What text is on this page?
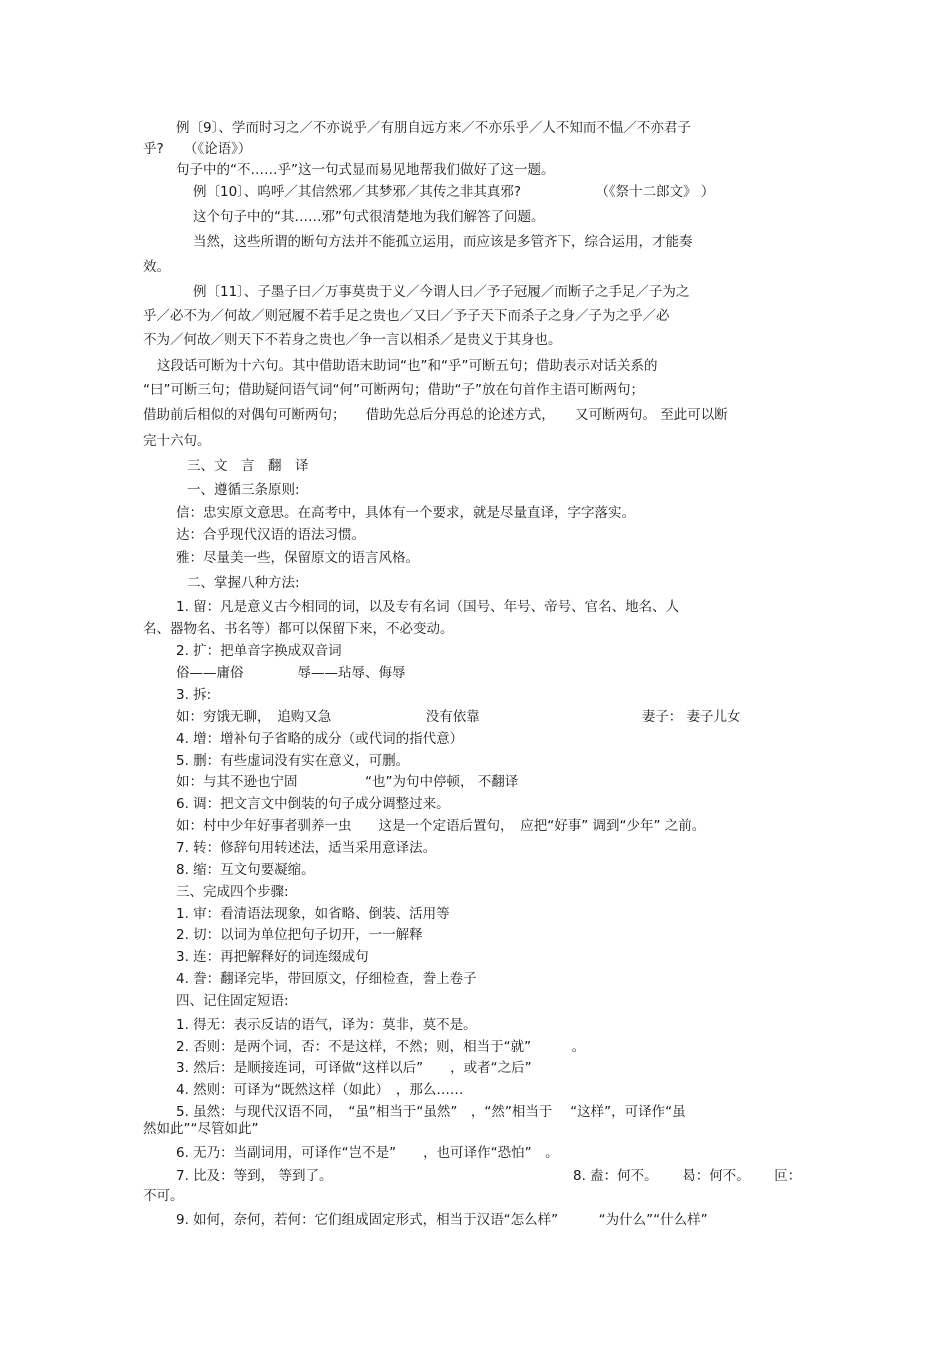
例〔9〕、学而时习之／不亦说乎／有朋自远方来／不亦乐乎／人不知而不愠／不亦君子
乎?　　（《论语》）
句子中的“不……乎”这一句式显而易见地帮我们做好了这一题。
例〔10〕、呜呼／其信然邪／其梦邪／其传之非其真邪?　　　　　　（《祭十二郎文》 ）
这个句子中的“其……邪”句式很清楚地为我们解答了问题。
当然，这些所谓的断句方法并不能孤立运用，而应该是多管齐下，综合运用，才能奏
效。
例〔11〕、子墨子曰／万事莫贵于义／今谓人曰／予子冠履／而断子之手足／子为之
乎／必不为／何故／则冠履不若手足之贵也／又曰／予子天下而杀子之身／子为之乎／必
不为／何故／则天下不若身之贵也／争一言以相杀／是贵义于其身也。
这段话可断为十六句。其中借助语末助词“也”和“乎”可断五句；借助表示对话关系的
“曰”可断三句；借助疑问语气词“何”可断两句；借助“子”放在句首作主语可断两句；
借助前后相似的对偶句可断两句；　　借助先总后分再总的论述方式，　　又可断两句。 至此可以断
完十六句。
三、文　言　翻　译
一、遵循三条原则:
信：忠实原文意思。在高考中，具体有一个要求，就是尽量直译，字字落实。
达：合乎现代汉语的语法习惯。
雅：尽量美一些，保留原文的语言风格。
二、掌握八种方法:
1. 留：凡是意义古今相同的词，以及专有名词（国号、年号、帝号、官名、地名、人
名、器物名、书名等）都可以保留下来，不必变动。
2. 扩：把单音字换成双音词
俗——庸俗　　　　辱——玷辱、侮辱
3. 拆:
如：穷饿无聊，　追购又急　　　　　　　没有依靠　　　　　　　　　　　　妻子： 妻子儿女
4. 增：增补句子省略的成分（或代词的指代意）
5. 删：有些虚词没有实在意义，可删。
如：与其不逊也宁固　　　　　“也”为句中停顿， 不翻译
6. 调：把文言文中倒装的句子成分调整过来。
如：村中少年好事者驯养一虫　　这是一个定语后置句，　应把“好事” 调到“少年” 之前。
7. 转：修辞句用转述法，适当采用意译法。
8. 缩：互文句要凝缩。
三、完成四个步骤:
1. 审：看清语法现象，如省略、倒装、活用等
2. 切：以词为单位把句子切开，一一解释
3. 连：再把解释好的词连缀成句
4. 誊：翻译完毕，带回原文，仔细检查，誊上卷子
四、记住固定短语:
1. 得无：表示反诘的语气，译为：莫非，莫不是。
2. 否则：是两个词，否：不是这样，不然；则，相当于“就”　　　。
3. 然后：是顺接连词，可译做“这样以后”　　，或者“之后”
4. 然则：可译为“既然这样（如此）　，那么……
5. 虽然：与现代汉语不同，　“虽”相当于“虽然”　，“然”相当于　 “这样”，可译作“虽
然如此”“尽管如此”
6. 无乃：当副词用，可译作“岂不是”　　，也可译作“恐怕”　。
7. 比及：等到， 等到了。　　　　　　　　　　　　　　　　　　 8. 盍：何不。　　 曷：何不。　　 叵：
不可。
9. 如何，奈何，若何：它们组成固定形式，相当于汉语“怎么样”　　　“为什么”“什么样”
